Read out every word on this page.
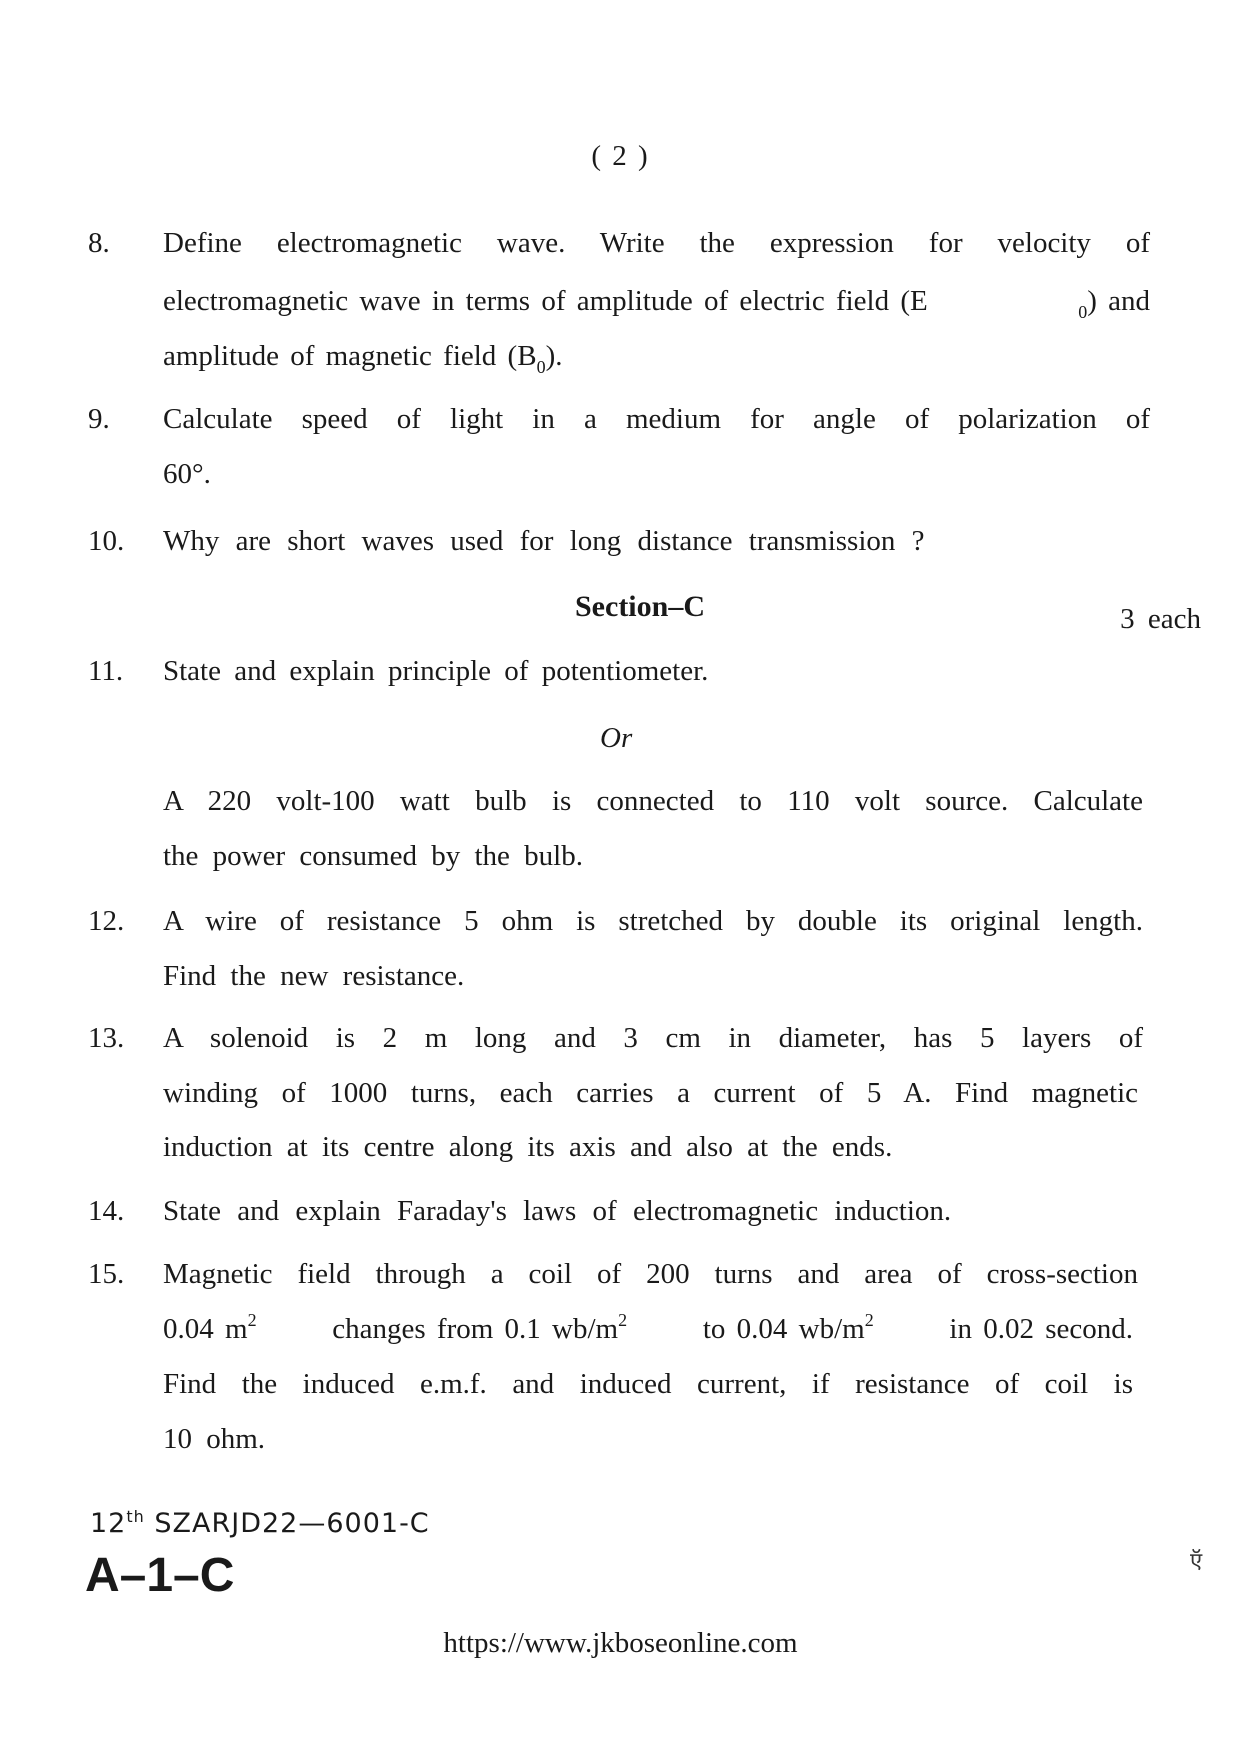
( 2 )
8.	Define electromagnetic wave. Write the expression for velocity of
electromagnetic wave in terms of amplitude of electric field (E	$_0$) and
amplitude of magnetic field $(B_0)$.
9.	Calculate speed of light in a medium for angle of polarization of
60°.
10.	Why are short waves used for long distance transmission ?
Section–C	3 each
11.	State and explain principle of potentiometer.
Or
A 220 volt-100 watt bulb is connected to 110 volt source. Calculate
the power consumed by the bulb.
12.	A wire of resistance 5 ohm is stretched by double its original length.
Find the new resistance.
13.	A solenoid is 2 m long and 3 cm in diameter, has 5 layers of
winding of 1000 turns, each carries a current of 5 A. Find magnetic
induction at its centre along its axis and also at the ends.
14.	State and explain Faraday's laws of electromagnetic induction.
15.	Magnetic field through a coil of 200 turns and area of cross-section
0.04 $m^2$	changes from 0.1 $wb/m^2$	to 0.04 $wb/m^2$	in 0.02 second.
Find the induced e.m.f. and induced current, if resistance of coil is
10 ohm.
12th SZARJD22—6001-C
A–1–C	ऍ
https://www.jkboseonline.com
